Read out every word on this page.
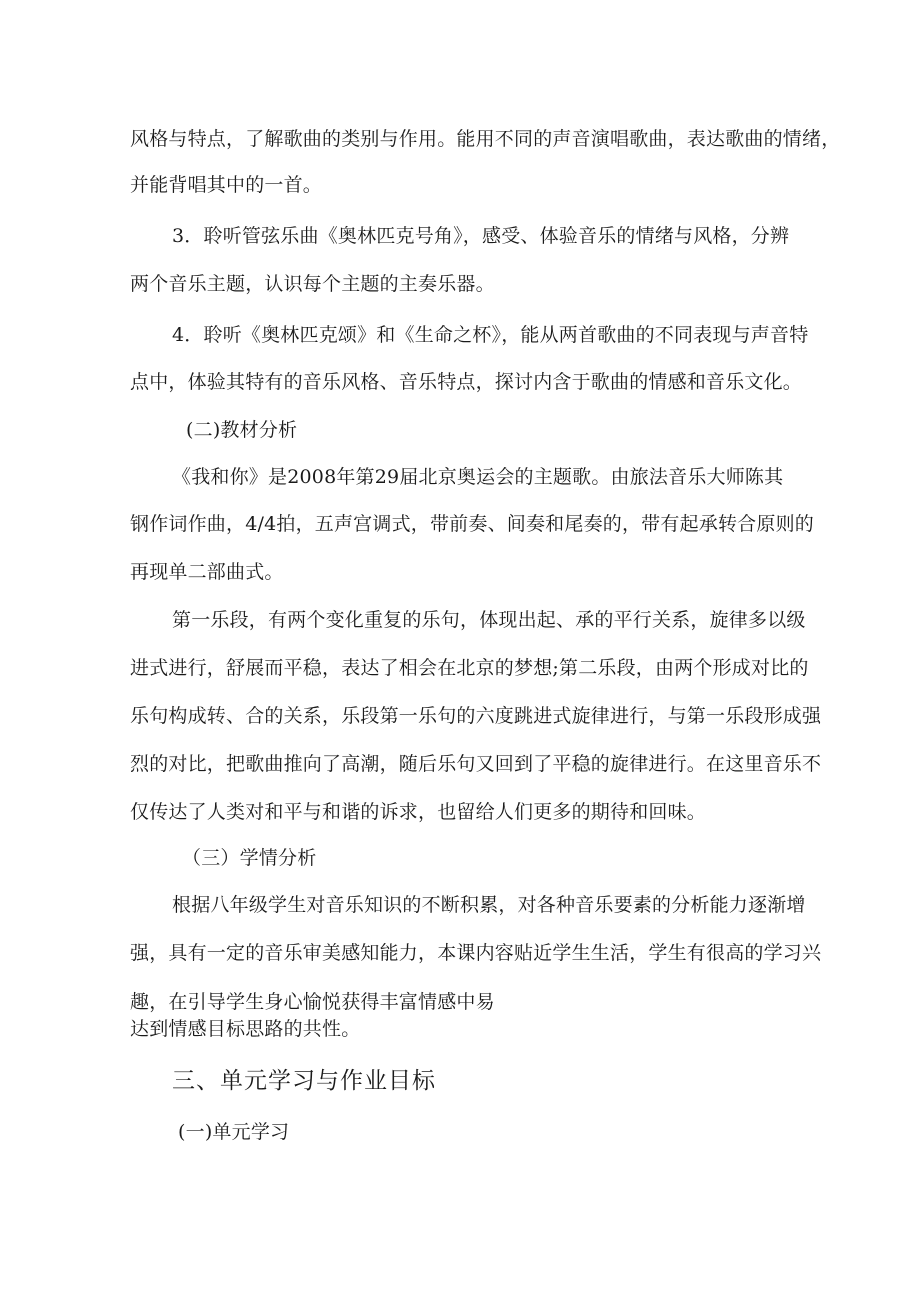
风格与特点，了解歌曲的类别与作用。能用不同的声音演唱歌曲，表达歌曲的情绪，
并能背唱其中的一首。
3．聆听管弦乐曲《奥林匹克号角》，感受、体验音乐的情绪与风格，分辨
两个音乐主题，认识每个主题的主奏乐器。
4．聆听《奥林匹克颂》和《生命之杯》，能从两首歌曲的不同表现与声音特
点中，体验其特有的音乐风格、音乐特点，探讨内含于歌曲的情感和音乐文化。
(二)教材分析
《我和你》是2008年第29届北京奥运会的主题歌。由旅法音乐大师陈其
钢作词作曲，4/4拍，五声宫调式，带前奏、间奏和尾奏的，带有起承转合原则的
再现单二部曲式。
第一乐段，有两个变化重复的乐句，体现出起、承的平行关系，旋律多以级
进式进行，舒展而平稳，表达了相会在北京的梦想;第二乐段，由两个形成对比的
乐句构成转、合的关系，乐段第一乐句的六度跳进式旋律进行，与第一乐段形成强
烈的对比，把歌曲推向了高潮，随后乐句又回到了平稳的旋律进行。在这里音乐不
仅传达了人类对和平与和谐的诉求，也留给人们更多的期待和回味。
（三）学情分析
根据八年级学生对音乐知识的不断积累，对各种音乐要素的分析能力逐渐增
强，具有一定的音乐审美感知能力，本课内容贴近学生生活，学生有很高的学习兴
趣，在引导学生身心愉悦获得丰富情感中易
达到情感目标思路的共性。
三、单元学习与作业目标
(一)单元学习
